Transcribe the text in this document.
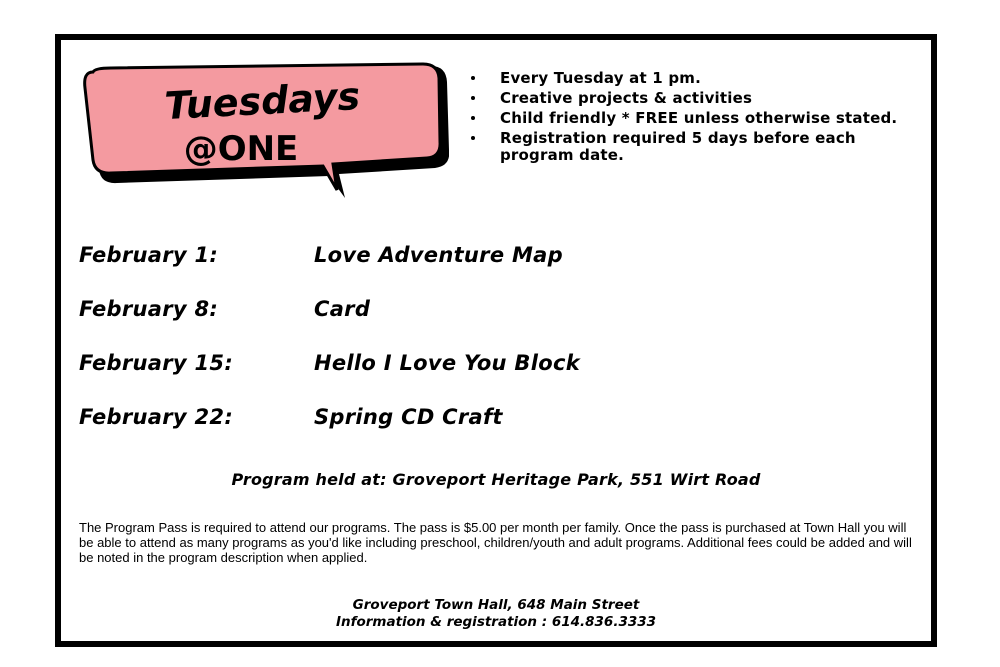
Tuesdays
@ONE
Every Tuesday at 1 pm.
Creative projects & activities
Child friendly * FREE unless otherwise stated.
Registration required 5 days before each program date.
February 1:	Love Adventure Map
February 8:	Card
February 15:	Hello I Love You Block
February 22:	Spring CD Craft
Program held at: Groveport Heritage Park, 551 Wirt Road
The Program Pass is required to attend our programs. The pass is $5.00 per month per family. Once the pass is purchased at Town Hall you will be able to attend as many programs as you'd like including preschool, children/youth and adult programs. Additional fees could be added and will be noted in the program description when applied.
Groveport Town Hall, 648 Main Street
Information & registration : 614.836.3333
